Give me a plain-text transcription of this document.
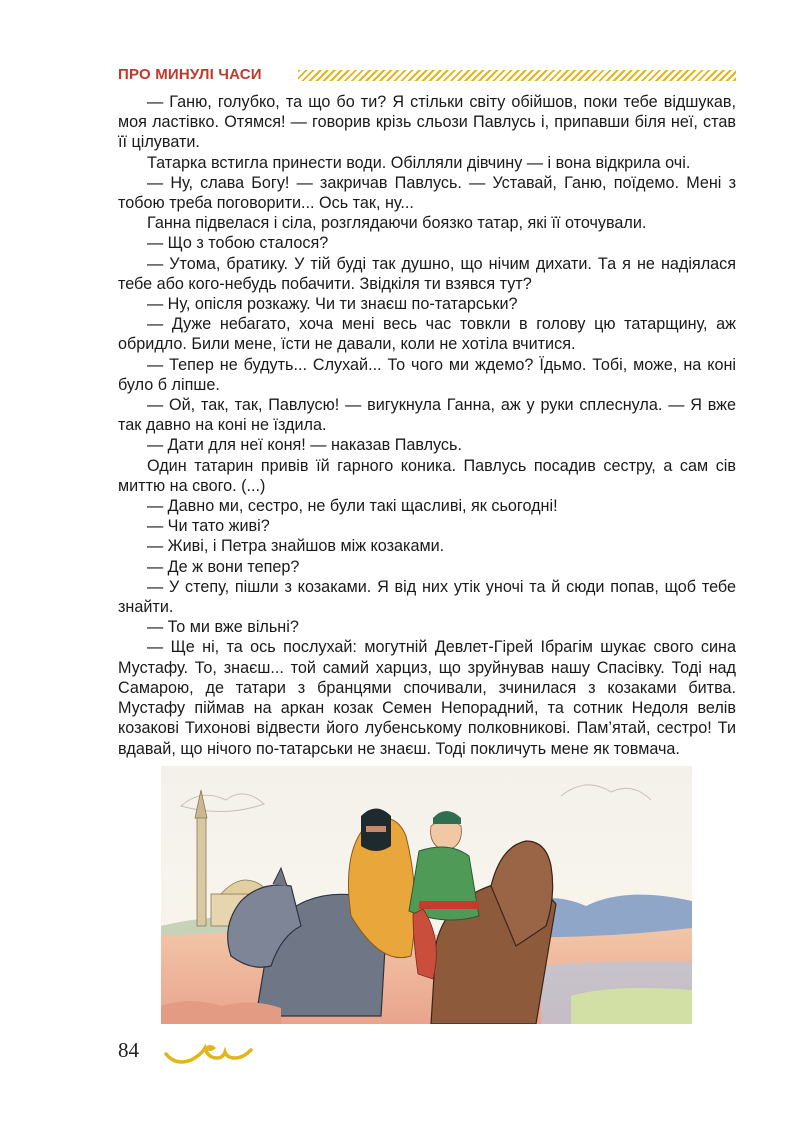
ПРО МИНУЛІ ЧАСИ

— Ганю, голубко, та що бо ти? Я стільки світу обійшов, поки тебе відшукав, моя ластівко. Отямся! — говорив крізь сльози Павлусь і, припавши біля неї, став її цілувати.

Татарка встигла принести води. Обілляли дівчину — і вона відкрила очі.

— Ну, слава Богу! — закричав Павлусь. — Уставай, Ганю, поїдемо. Мені з тобою треба поговорити... Ось так, ну...

Ганна підвелася і сіла, розглядаючи боязко татар, які її оточували.

— Що з тобою сталося?

— Утома, братику. У тій буді так душно, що нічим дихати. Та я не надіялася тебе або кого-небудь побачити. Звідкіля ти взявся тут?

— Ну, опісля розкажу. Чи ти знаєш по-татарськи?

— Дуже небагато, хоча мені весь час товкли в голову цю татарщину, аж обридло. Били мене, їсти не давали, коли не хотіла вчитися.

— Тепер не будуть... Слухай... То чого ми ждемо? Їдьмо. Тобі, може, на коні було б ліпше.

— Ой, так, так, Павлусю! — вигукнула Ганна, аж у руки сплеснула. — Я вже так давно на коні не їздила.

— Дати для неї коня! — наказав Павлусь.

Один татарин привів їй гарного коника. Павлусь посадив сестру, а сам сів миттю на свого. (...)

— Давно ми, сестро, не були такі щасливі, як сьогодні!

— Чи тато живі?

— Живі, і Петра знайшов між козаками.

— Де ж вони тепер?

— У степу, пішли з козаками. Я від них утік уночі та й сюди попав, щоб тебе знайти.

— То ми вже вільні?

— Ще ні, та ось послухай: могутній Девлет-Гірей Ібрагім шукає свого сина Мустафу. То, знаєш... той самий харциз, що зруйнував нашу Спасівку. Тоді над Самарою, де татари з бранцями спочивали, зчинилася з козаками битва. Мустафу піймав на аркан козак Семен Непорадний, та сотник Недоля велів козакові Тихонові відвести його лубенському полковникові. Пам’ятай, сестро! Ти вдавай, що нічого по-татарськи не знаєш. Тоді покличуть мене як товмача.

84
